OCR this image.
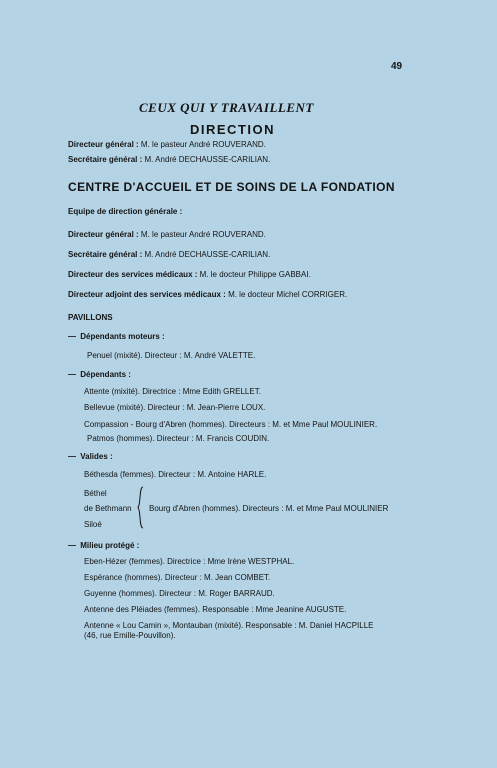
49
CEUX QUI Y TRAVAILLENT
DIRECTION
Directeur général : M. le pasteur André ROUVERAND.
Secrétaire général : M. André DECHAUSSE-CARILIAN.
CENTRE D'ACCUEIL ET DE SOINS DE LA FONDATION
Equipe de direction générale :
Directeur général : M. le pasteur André ROUVERAND.
Secrétaire général : M. André DECHAUSSE-CARILIAN.
Directeur des services médicaux : M. le docteur Philippe GABBAI.
Directeur adjoint des services médicaux : M. le docteur Michel CORRIGER.
PAVILLONS
— Dépendants moteurs :
Penuel (mixité). Directeur : M. André VALETTE.
— Dépendants :
Attente (mixité). Directrice : Mme Edith GRELLET.
Bellevue (mixité). Directeur : M. Jean-Pierre LOUX.
Compassion - Bourg d'Abren (hommes). Directeurs : M. et Mme Paul MOULINIER.
Patmos (hommes). Directeur : M. Francis COUDIN.
— Valides :
Béthesda (femmes). Directeur : M. Antoine HARLE.
Béthel
de Bethmann
Siloé
Bourg d'Abren (hommes). Directeurs : M. et Mme Paul MOULINIER
— Milieu protégé :
Eben-Hézer (femmes). Directrice : Mme Irène WESTPHAL.
Espérance (hommes). Directeur : M. Jean COMBET.
Guyenne (hommes). Directeur : M. Roger BARRAUD.
Antenne des Pléiades (femmes). Responsable : Mme Jeanine AUGUSTE.
Antenne « Lou Camin », Montauban (mixité). Responsable : M. Daniel HACPILLE
(46, rue Emille-Pouvillon).
